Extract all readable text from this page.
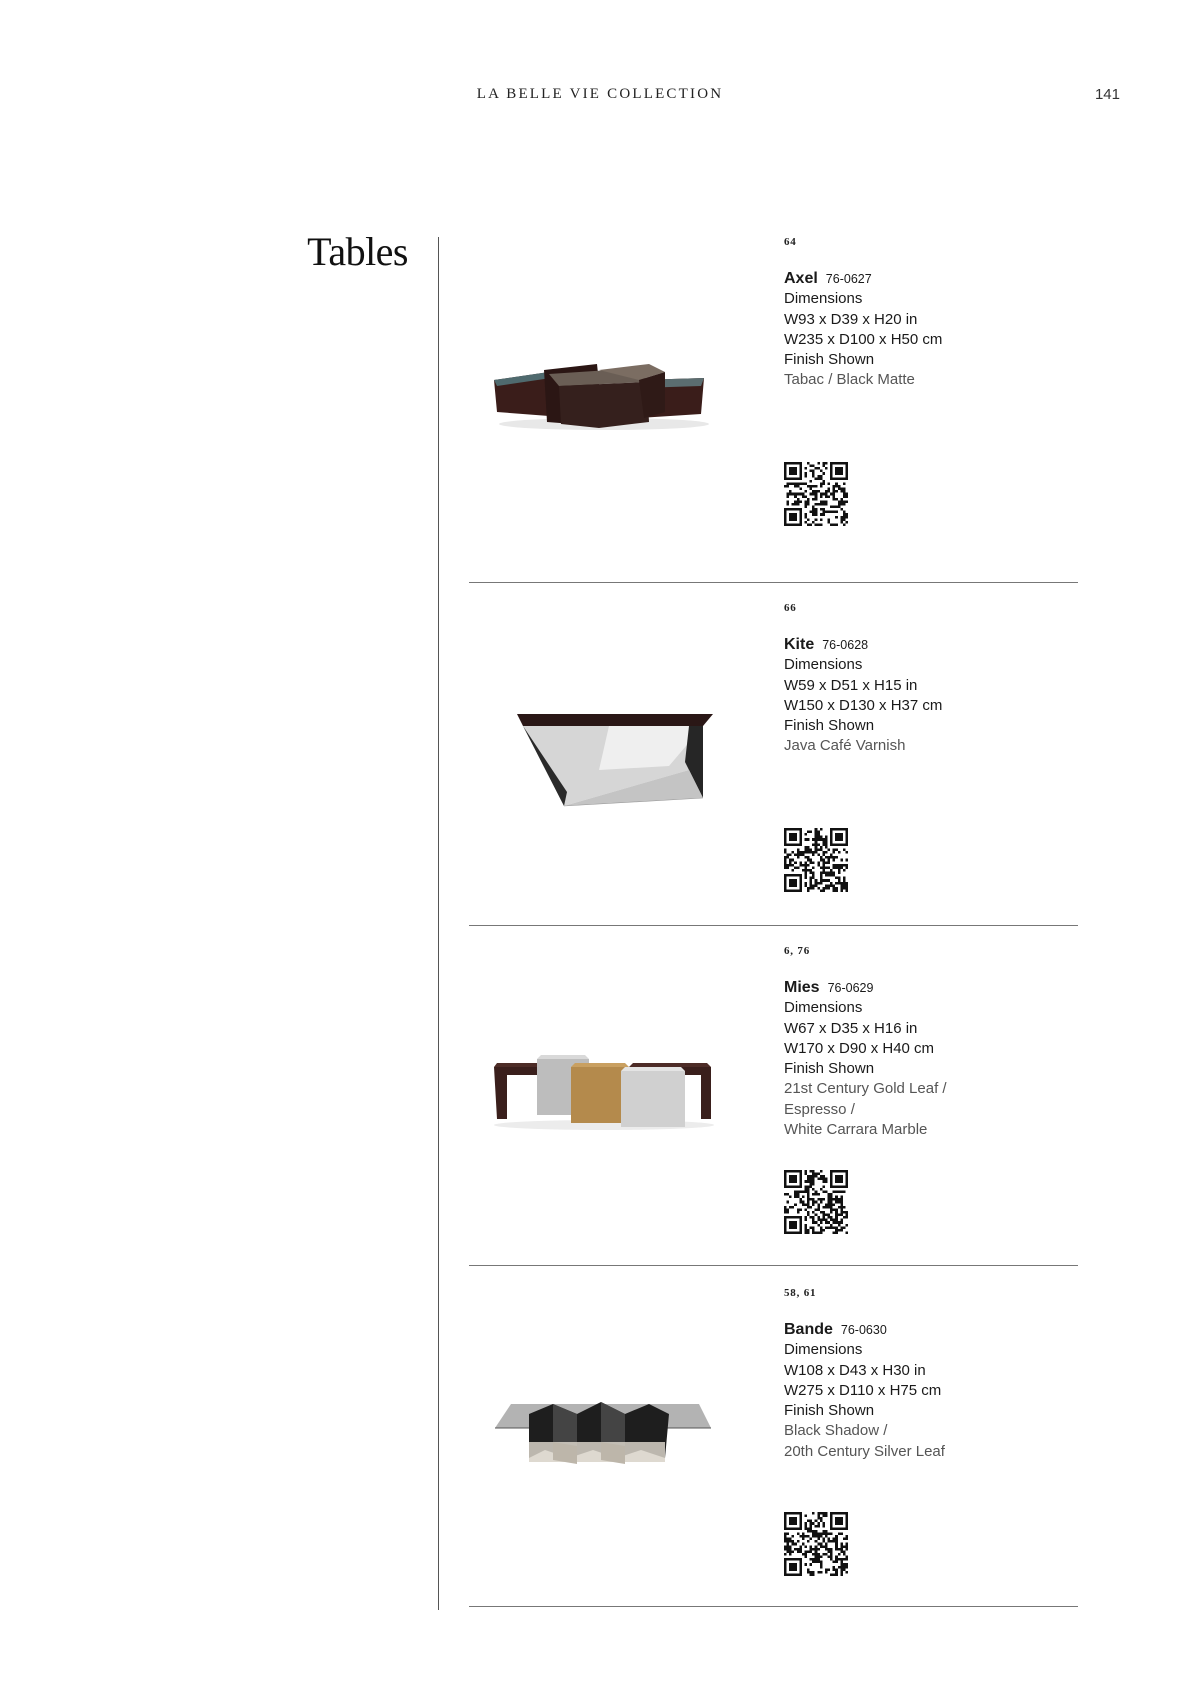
LA BELLE VIE COLLECTION	141
Tables	64
Axel 76-0627
Dimensions
W93 x D39 x H20 in
W235 x D100 x H50 cm
Finish Shown
Tabac / Black Matte
66
Kite 76-0628
Dimensions
W59 x D51 x H15 in
W150 x D130 x H37 cm
Finish Shown
Java Café Varnish
6, 76
Mies 76-0629
Dimensions
W67 x D35 x H16 in
W170 x D90 x H40 cm
Finish Shown
21st Century Gold Leaf /
Espresso /
White Carrara Marble
58, 61
Bande 76-0630
Dimensions
W108 x D43 x H30 in
W275 x D110 x H75 cm
Finish Shown
Black Shadow /
20th Century Silver Leaf
